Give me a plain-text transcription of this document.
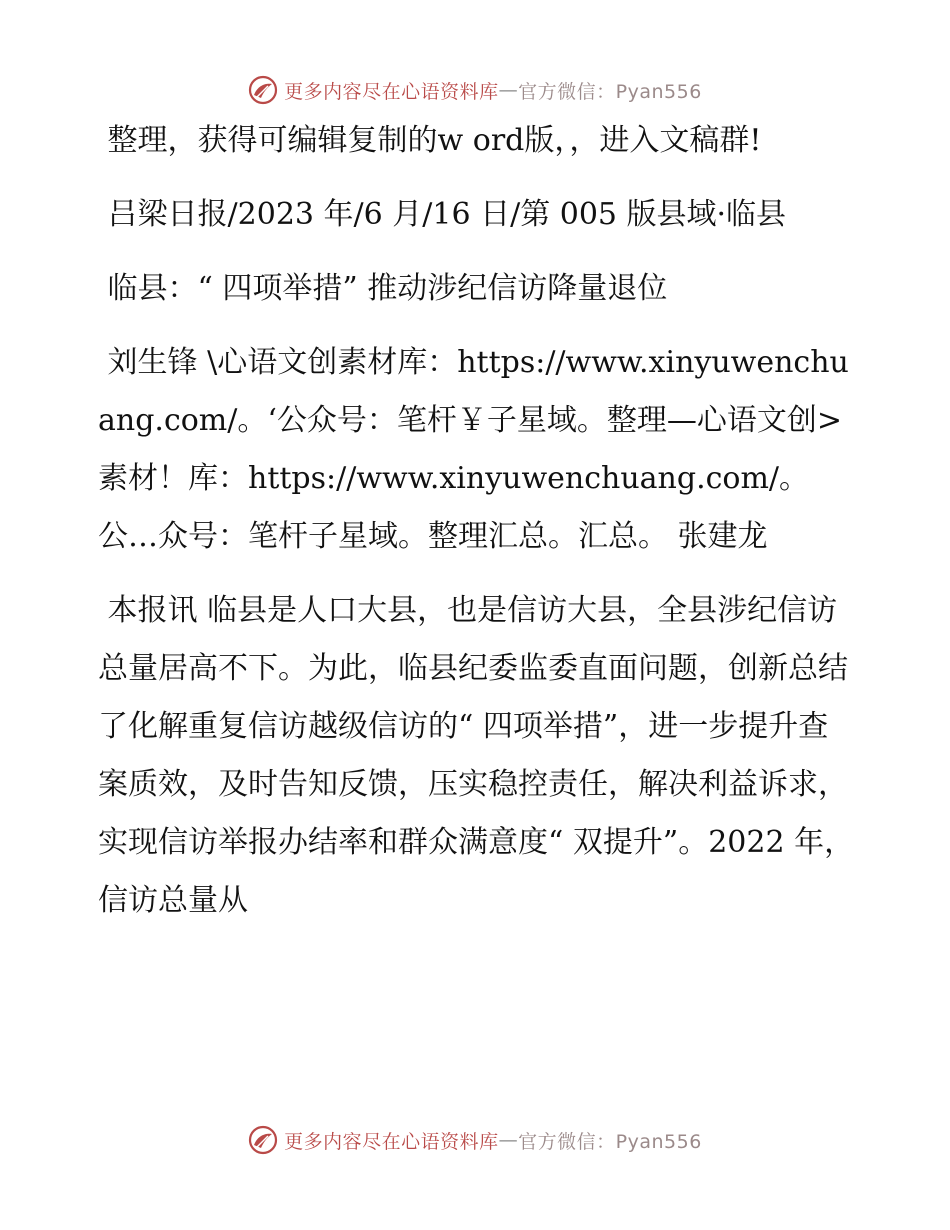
更多内容尽在心语资料库 — 官方微信：Pyan556

整理，获得可编辑复制的w ord版，，进入文稿群!

吕梁日报/2023 年/6 月/16 日/第 005 版县域·临县

临县：“ 四项举措” 推动涉纪信访降量退位

刘生锋 \心语文创素材库：https://www.xinyuwenchuang.com/。‘公众号：笔杆￥子星域。整理—心语文创>素材！库：https://www.xinyuwenchuang.com/。公…众号：笔杆子星域。整理汇总。汇总。 张建龙

本报讯 临县是人口大县，也是信访大县，全县涉纪信访总量居高不下。为此，临县纪委监委直面问题，创新总结了化解重复信访越级信访的“ 四项举措”，进一步提升查案质效，及时告知反馈，压实稳控责任，解决利益诉求，实现信访举报办结率和群众满意度“ 双提升”。2022 年，信访总量从

更多内容尽在心语资料库 — 官方微信：Pyan556
